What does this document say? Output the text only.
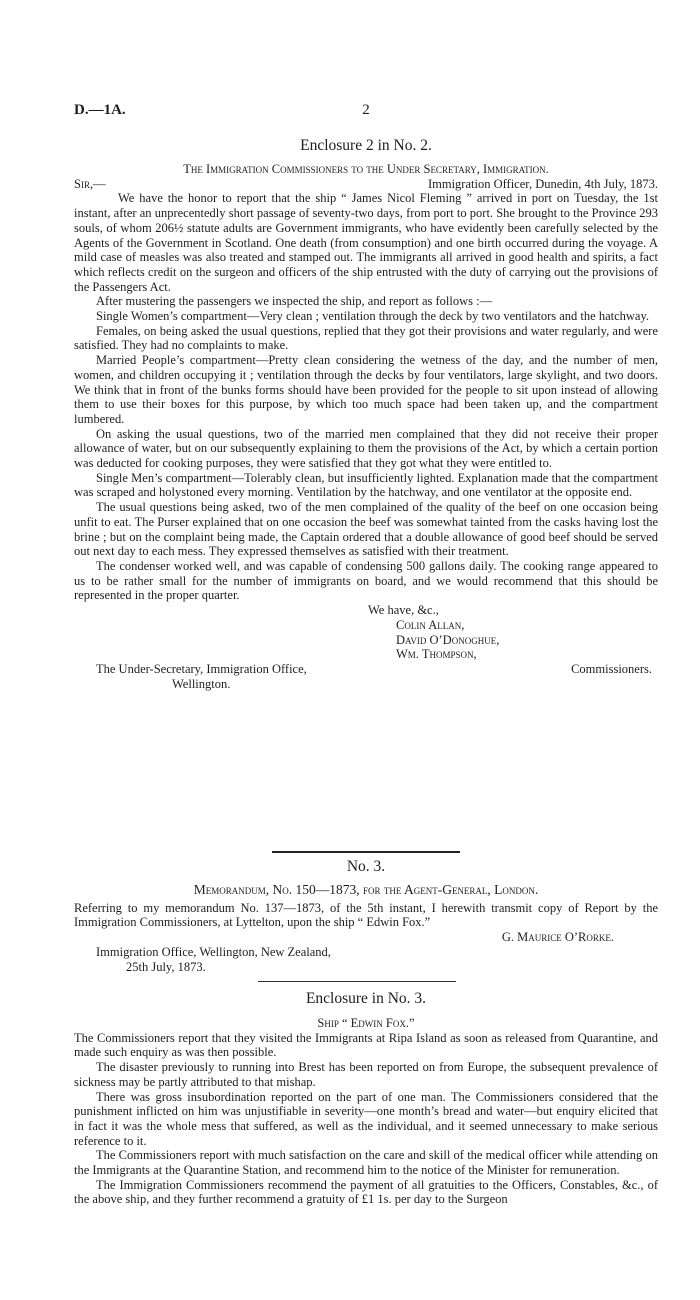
D.—1A.	2
Enclosure 2 in No. 2.
The Immigration Commissioners to the Under Secretary, Immigration.
Sir,—	Immigration Officer, Dunedin, 4th July, 1873.

We have the honor to report that the ship “ James Nicol Fleming ” arrived in port on Tuesday, the 1st instant, after an unprecentedly short passage of seventy-two days, from port to port. She brought to the Province 293 souls, of whom 206½ statute adults are Government immigrants, who have evidently been carefully selected by the Agents of the Government in Scotland. One death (from consumption) and one birth occurred during the voyage. A mild case of measles was also treated and stamped out. The immigrants all arrived in good health and spirits, a fact which reflects credit on the surgeon and officers of the ship entrusted with the duty of carrying out the provisions of the Passengers Act.

After mustering the passengers we inspected the ship, and report as follows :—

Single Women’s compartment—Very clean ; ventilation through the deck by two ventilators and the hatchway.

Females, on being asked the usual questions, replied that they got their provisions and water regularly, and were satisfied. They had no complaints to make.

Married People’s compartment—Pretty clean considering the wetness of the day, and the number of men, women, and children occupying it ; ventilation through the decks by four ventilators, large skylight, and two doors. We think that in front of the bunks forms should have been provided for the people to sit upon instead of allowing them to use their boxes for this purpose, by which too much space had been taken up, and the compartment lumbered.

On asking the usual questions, two of the married men complained that they did not receive their proper allowance of water, but on our subsequently explaining to them the provisions of the Act, by which a certain portion was deducted for cooking purposes, they were satisfied that they got what they were entitled to.

Single Men’s compartment—Tolerably clean, but insufficiently lighted. Explanation made that the compartment was scraped and holystoned every morning. Ventilation by the hatchway, and one ventilator at the opposite end.

The usual questions being asked, two of the men complained of the quality of the beef on one occasion being unfit to eat. The Purser explained that on one occasion the beef was somewhat tainted from the casks having lost the brine ; but on the complaint being made, the Captain ordered that a double allowance of good beef should be served out next day to each mess. They expressed themselves as satisfied with their treatment.

The condenser worked well, and was capable of condensing 500 gallons daily. The cooking range appeared to us to be rather small for the number of immigrants on board, and we would recommend that this should be represented in the proper quarter.

We have, &c.,
Colin Allan,
David O’Donoghue,
Wm. Thompson,
The Under-Secretary, Immigration Office,	Commissioners.
Wellington.
No. 3.
Memorandum, No. 150—1873, for the Agent-General, London.

Referring to my memorandum No. 137—1873, of the 5th instant, I herewith transmit copy of Report by the Immigration Commissioners, at Lyttelton, upon the ship “ Edwin Fox.”

G. Maurice O’Rorke.
Immigration Office, Wellington, New Zealand,
25th July, 1873.
Enclosure in No. 3.
Ship “ Edwin Fox.”

The Commissioners report that they visited the Immigrants at Ripa Island as soon as released from Quarantine, and made such enquiry as was then possible.

The disaster previously to running into Brest has been reported on from Europe, the subsequent prevalence of sickness may be partly attributed to that mishap.

There was gross insubordination reported on the part of one man. The Commissioners considered that the punishment inflicted on him was unjustifiable in severity—one month’s bread and water—but enquiry elicited that in fact it was the whole mess that suffered, as well as the individual, and it seemed unnecessary to make serious reference to it.

The Commissioners report with much satisfaction on the care and skill of the medical officer while attending on the Immigrants at the Quarantine Station, and recommend him to the notice of the Minister for remuneration.

The Immigration Commissioners recommend the payment of all gratuities to the Officers, Constables, &c., of the above ship, and they further recommend a gratuity of £1 1s. per day to the Surgeon
